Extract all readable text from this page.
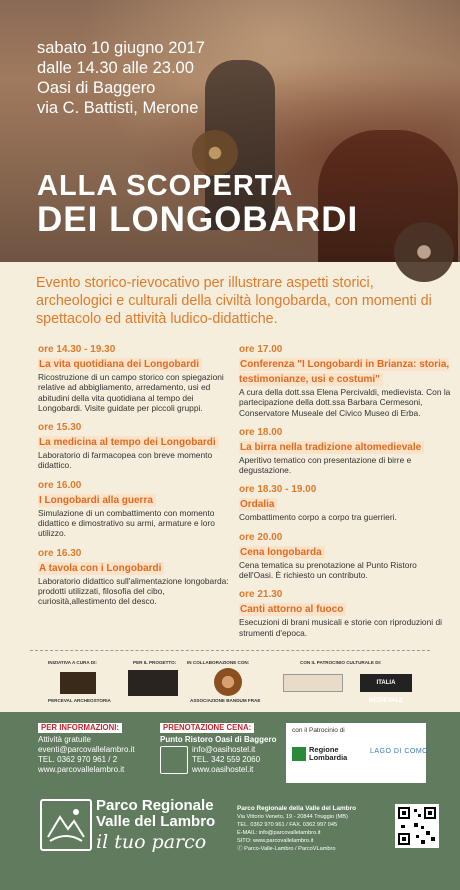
sabato 10 giugno 2017
dalle 14.30 alle 23.00
Oasi di Baggero
via C. Battisti, Merone
ALLA SCOPERTA
DEI LONGOBARDI
Evento storico-rievocativo per illustrare aspetti storici, archeologici e culturali della civiltà longobarda, con momenti di spettacolo ed attività ludico-didattiche.
ore 14.30 - 19.30
La vita quotidiana dei Longobardi
Ricostruzione di un campo storico con spiegazioni relative ad abbigliamento, arredamento, usi ed abitudini della vita quotidiana al tempo dei Longobardi. Visite guidate per piccoli gruppi.
ore 15.30
La medicina al tempo dei Longobardi
Laboratorio di farmacopea con breve momento didattico.
ore 16.00
I Longobardi alla guerra
Simulazione di un combattimento con momento didattico e dimostrativo su armi, armature e loro utilizzo.
ore 16.30
A tavola con i Longobardi
Laboratorio didattico sull'alimentazione longobarda: prodotti utilizzati, filosofia del cibo, curiosità,allestimento del desco.
ore 17.00
Conferenza "I Longobardi in Brianza: storia, testimonianze, usi e costumi"
A cura della dott.ssa Elena Percivaldi, medievista. Con la partecipazione della dott.ssa Barbara Cermesoni, Conservatore Museale del Civico Museo di Erba.
ore 18.00
La birra nella tradizione altomedievale
Aperitivo tematico con presentazione di birre e degustazione.
ore 18.30 - 19.00
Ordalia
Combattimento corpo a corpo tra guerrieri.
ore 20.00
Cena longobarda
Cena tematica su prenotazione al Punto Ristoro dell'Oasi. È richiesto un contributo.
ore 21.30
Canti attorno al fuoco
Esecuzioni di brani musicali e storie con riproduzioni di strumenti d'epoca.
INIZIATIVA A CURA DI:	PER IL PROGETTO: IN COLLABORAZIONE CON:	CON IL PATROCINIO CULTURALE DI:
PERCEVAL ARCHEOSTORIA	ASSOCIAZIONE BANDUM FRAE
ITALIA MEDIEVALE
PER INFORMAZIONI:
Attività gratuite
eventi@parcovallelambro.it
TEL. 0362 970 961 / 2
www.parcovallelambro.it
PRENOTAZIONE CENA:
Punto Ristoro Oasi di Baggero
info@oasihostel.it
TEL. 342 559 2060
www.oasihostel.it
con il Patrocinio di
Regione Lombardia
LAGO DI COMO
Parco Regionale
Valle del Lambro
il tuo parco
Parco Regionale della Valle del Lambro
Via Vittorio Veneto, 19 - 20844 Triuggio (MB)
TEL. 0362 970 961 / FAX. 0362 997 045
E-MAIL: info@parcovallelambro.it
SITO: www.parcovallelambro.it
ⓕ Parco-Valle-Lambro / ParcoVLambro
